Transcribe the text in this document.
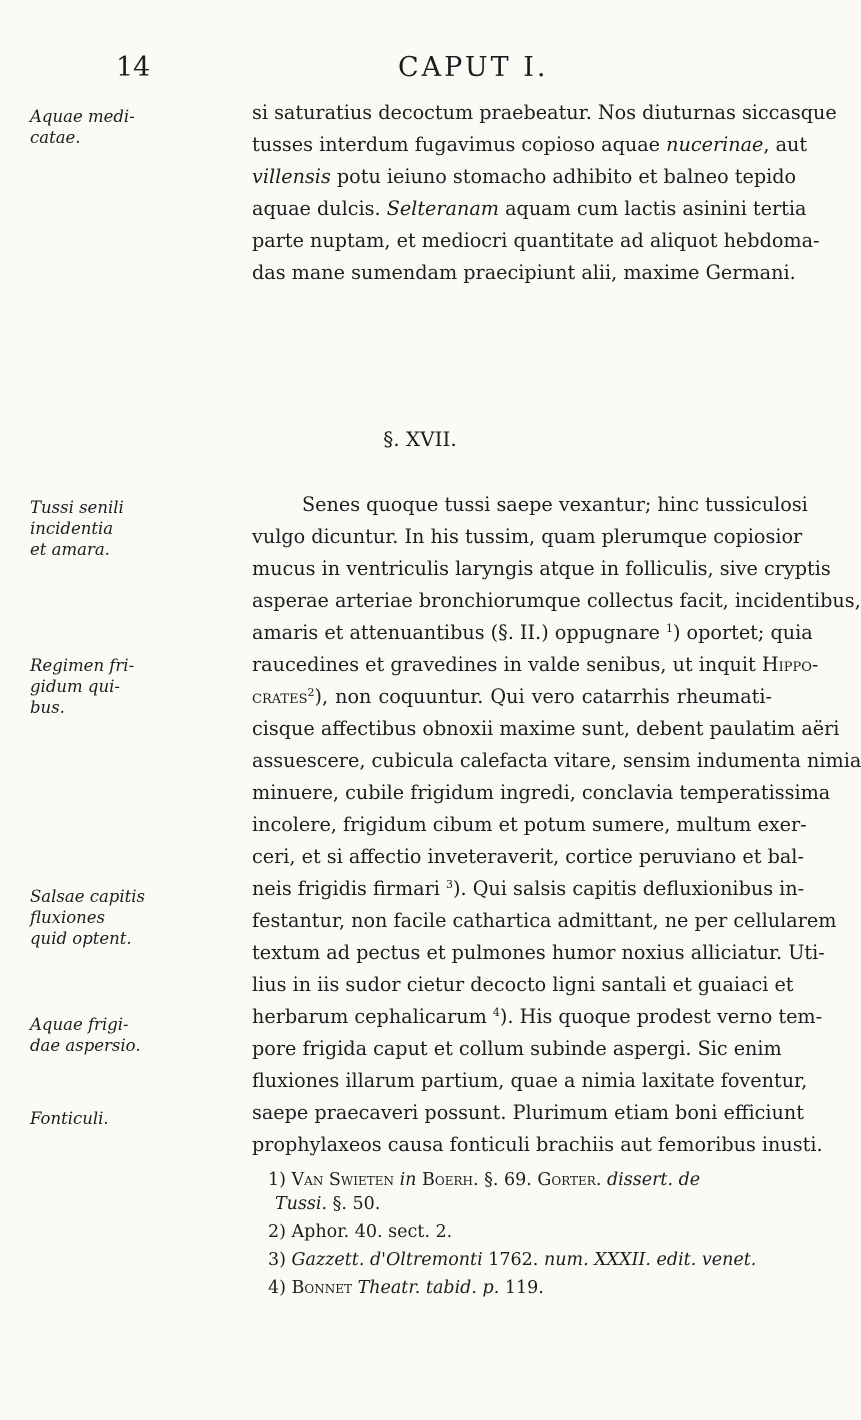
14	CAPUT I.
Aquae medi-
catae.
Tussi senili
incidentia
et amara.
Regimen fri-
gidum qui-
bus.
Salsae capitis
fluxiones
quid optent.
Aquae frigi-
dae aspersio.
Fonticuli.
si saturatius decoctum praebeatur. Nos diuturnas siccasque
tusses interdum fugavimus copioso aquae nucerinae, aut
villensis potu ieiuno stomacho adhibito et balneo tepido
aquae dulcis. Selteranam aquam cum lactis asinini tertia
parte nuptam, et mediocri quantitate ad aliquot hebdoma-
das mane sumendam praecipiunt alii, maxime Germani.
§. XVII.
Senes quoque tussi saepe vexantur; hinc tussiculosi
vulgo dicuntur. In his tussim, quam plerumque copiosior
mucus in ventriculis laryngis atque in folliculis, sive cryptis
asperae arteriae bronchiorumque collectus facit, incidentibus,
amaris et attenuantibus (§. II.) oppugnare $^1$) oportet; quia
raucedines et gravedines in valde senibus, ut inquit Hippo-
crates$^2$), non coquuntur. Qui vero catarrhis rheumati-
cisque affectibus obnoxii maxime sunt, debent paulatim aëri
assuescere, cubicula calefacta vitare, sensim indumenta nimia
minuere, cubile frigidum ingredi, conclavia temperatissima
incolere, frigidum cibum et potum sumere, multum exer-
ceri, et si affectio inveteraverit, cortice peruviano et bal-
neis frigidis firmari $^3$). Qui salsis capitis defluxionibus in-
festantur, non facile cathartica admittant, ne per cellularem
textum ad pectus et pulmones humor noxius alliciatur. Uti-
lius in iis sudor cietur decocto ligni santali et guaiaci et
herbarum cephalicarum $^4$). His quoque prodest verno tem-
pore frigida caput et collum subinde aspergi. Sic enim
fluxiones illarum partium, quae a nimia laxitate foventur,
saepe praecaveri possunt. Plurimum etiam boni efficiunt
prophylaxeos causa fonticuli brachiis aut femoribus inusti.
1) Van Swieten in Boerh. §. 69. Gorter. dissert. de
Tussi. §. 50.
2) Aphor. 40. sect. 2.
3) Gazzett. d'Oltremonti 1762. num. XXXII. edit. venet.
4) Bonnet Theatr. tabid. p. 119.
